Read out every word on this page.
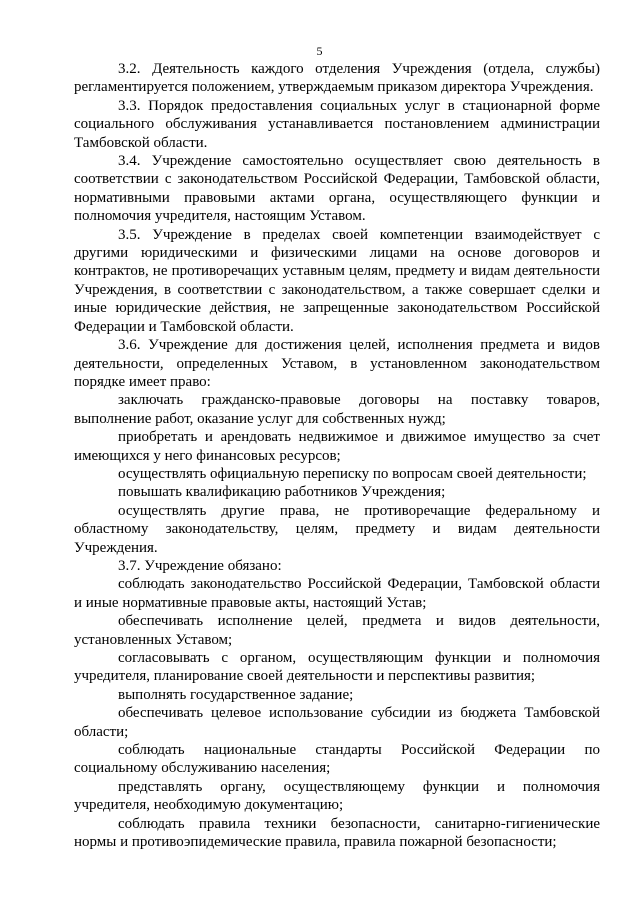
5

3.2. Деятельность каждого отделения Учреждения (отдела, службы) регламентируется положением, утверждаемым приказом директора Учреждения.

3.3. Порядок предоставления социальных услуг в стационарной форме социального обслуживания устанавливается постановлением администрации Тамбовской области.

3.4. Учреждение самостоятельно осуществляет свою деятельность в соответствии с законодательством Российской Федерации, Тамбовской области, нормативными правовыми актами органа, осуществляющего функции и полномочия учредителя, настоящим Уставом.

3.5. Учреждение в пределах своей компетенции взаимодействует с другими юридическими и физическими лицами на основе договоров и контрактов, не противоречащих уставным целям, предмету и видам деятельности Учреждения, в соответствии с законодательством, а также совершает сделки и иные юридические действия, не запрещенные законодательством Российской Федерации и Тамбовской области.

3.6. Учреждение для достижения целей, исполнения предмета и видов деятельности, определенных Уставом, в установленном законодательством порядке имеет право:

заключать гражданско-правовые договоры на поставку товаров, выполнение работ, оказание услуг для собственных нужд;

приобретать и арендовать недвижимое и движимое имущество за счет имеющихся у него финансовых ресурсов;

осуществлять официальную переписку по вопросам своей деятельности;

повышать квалификацию работников Учреждения;

осуществлять другие права, не противоречащие федеральному и областному законодательству, целям, предмету и видам деятельности Учреждения.

3.7. Учреждение обязано:

соблюдать законодательство Российской Федерации, Тамбовской области и иные нормативные правовые акты, настоящий Устав;

обеспечивать исполнение целей, предмета и видов деятельности, установленных Уставом;

согласовывать с органом, осуществляющим функции и полномочия учредителя, планирование своей деятельности и перспективы развития;

выполнять государственное задание;

обеспечивать целевое использование субсидии из бюджета Тамбовской области;

соблюдать национальные стандарты Российской Федерации по социальному обслуживанию населения;

представлять органу, осуществляющему функции и полномочия учредителя, необходимую документацию;

соблюдать правила техники безопасности, санитарно-гигиенические нормы и противоэпидемические правила, правила пожарной безопасности;
